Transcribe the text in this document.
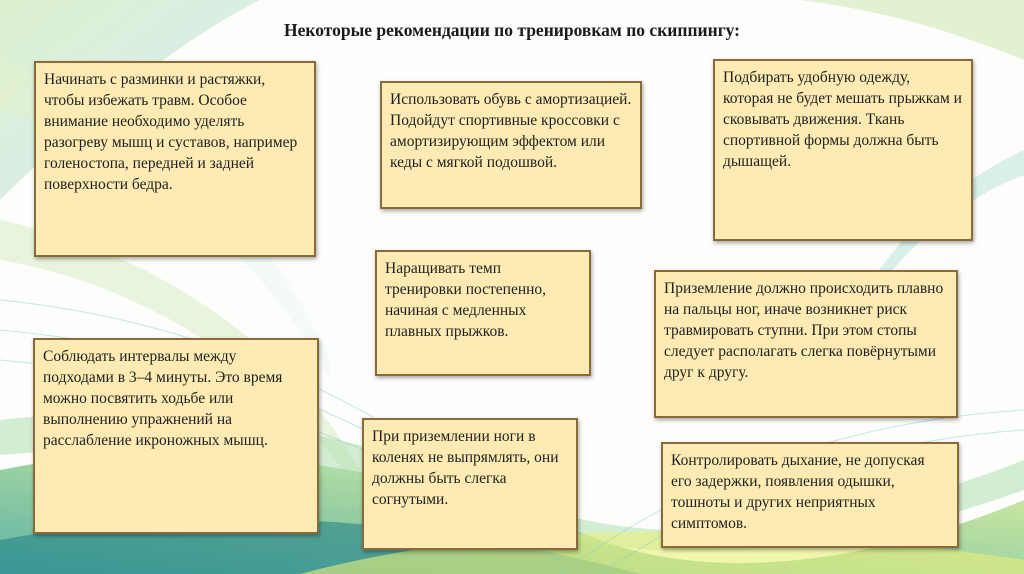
Некоторые рекомендации по тренировкам по скиппингу:
Начинать с разминки и растяжки, чтобы избежать травм. Особое внимание необходимо уделять разогреву мышц и суставов, например голеностопа, передней и задней поверхности бедра.
Использовать обувь с амортизацией. Подойдут спортивные кроссовки с амортизирующим эффектом или кеды с мягкой подошвой.
Подбирать удобную одежду, которая не будет мешать прыжкам и сковывать движения. Ткань спортивной формы должна быть дышащей.
Наращивать темп тренировки постепенно, начиная с медленных плавных прыжков.
Приземление должно происходить плавно на пальцы ног, иначе возникнет риск травмировать ступни. При этом стопы следует располагать слегка повёрнутыми друг к другу.
Соблюдать интервалы между подходами в 3–4 минуты. Это время можно посвятить ходьбе или выполнению упражнений на расслабление икроножных мышц.	При приземлении ноги в коленях не выпрямлять, они должны быть слегка согнутыми.
Контролировать дыхание, не допуская его задержки, появления одышки, тошноты и других неприятных симптомов.
